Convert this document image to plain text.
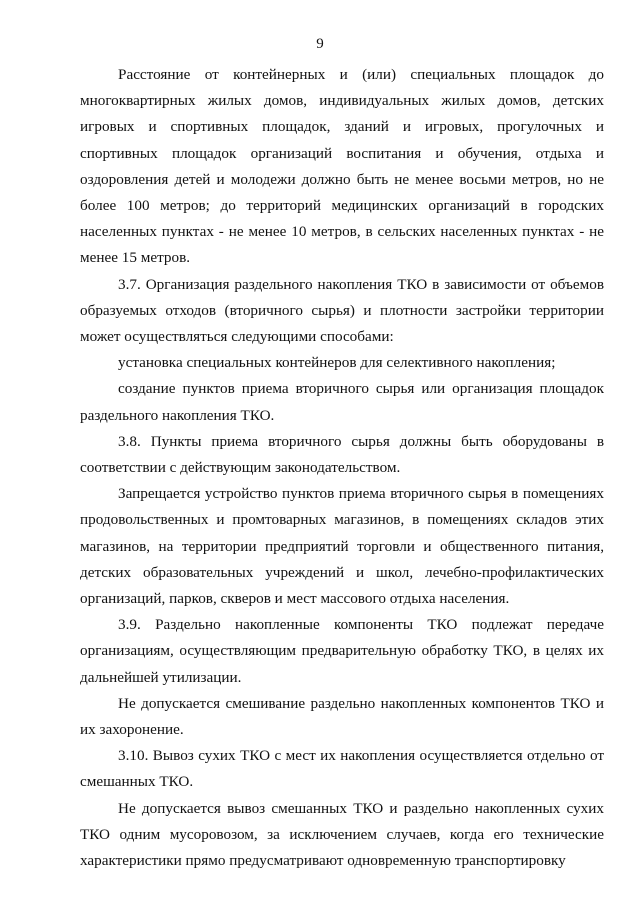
9

Расстояние от контейнерных и (или) специальных площадок до многоквартирных жилых домов, индивидуальных жилых домов, детских игровых и спортивных площадок, зданий и игровых, прогулочных и спортивных площадок организаций воспитания и обучения, отдыха и оздоровления детей и молодежи должно быть не менее восьми метров, но не более 100 метров; до территорий медицинских организаций в городских населенных пунктах - не менее 10 метров, в сельских населенных пунктах - не менее 15 метров.

3.7. Организация раздельного накопления ТКО в зависимости от объемов образуемых отходов (вторичного сырья) и плотности застройки территории может осуществляться следующими способами:

установка специальных контейнеров для селективного накопления;

создание пунктов приема вторичного сырья или организация площадок раздельного накопления ТКО.

3.8. Пункты приема вторичного сырья должны быть оборудованы в соответствии с действующим законодательством.

Запрещается устройство пунктов приема вторичного сырья в помещениях продовольственных и промтоварных магазинов, в помещениях складов этих магазинов, на территории предприятий торговли и общественного питания, детских образовательных учреждений и школ, лечебно-профилактических организаций, парков, скверов и мест массового отдыха населения.

3.9. Раздельно накопленные компоненты ТКО подлежат передаче организациям, осуществляющим предварительную обработку ТКО, в целях их дальнейшей утилизации.

Не допускается смешивание раздельно накопленных компонентов ТКО и их захоронение.

3.10. Вывоз сухих ТКО с мест их накопления осуществляется отдельно от смешанных ТКО.

Не допускается вывоз смешанных ТКО и раздельно накопленных сухих ТКО одним мусоровозом, за исключением случаев, когда его технические характеристики прямо предусматривают одновременную транспортировку
